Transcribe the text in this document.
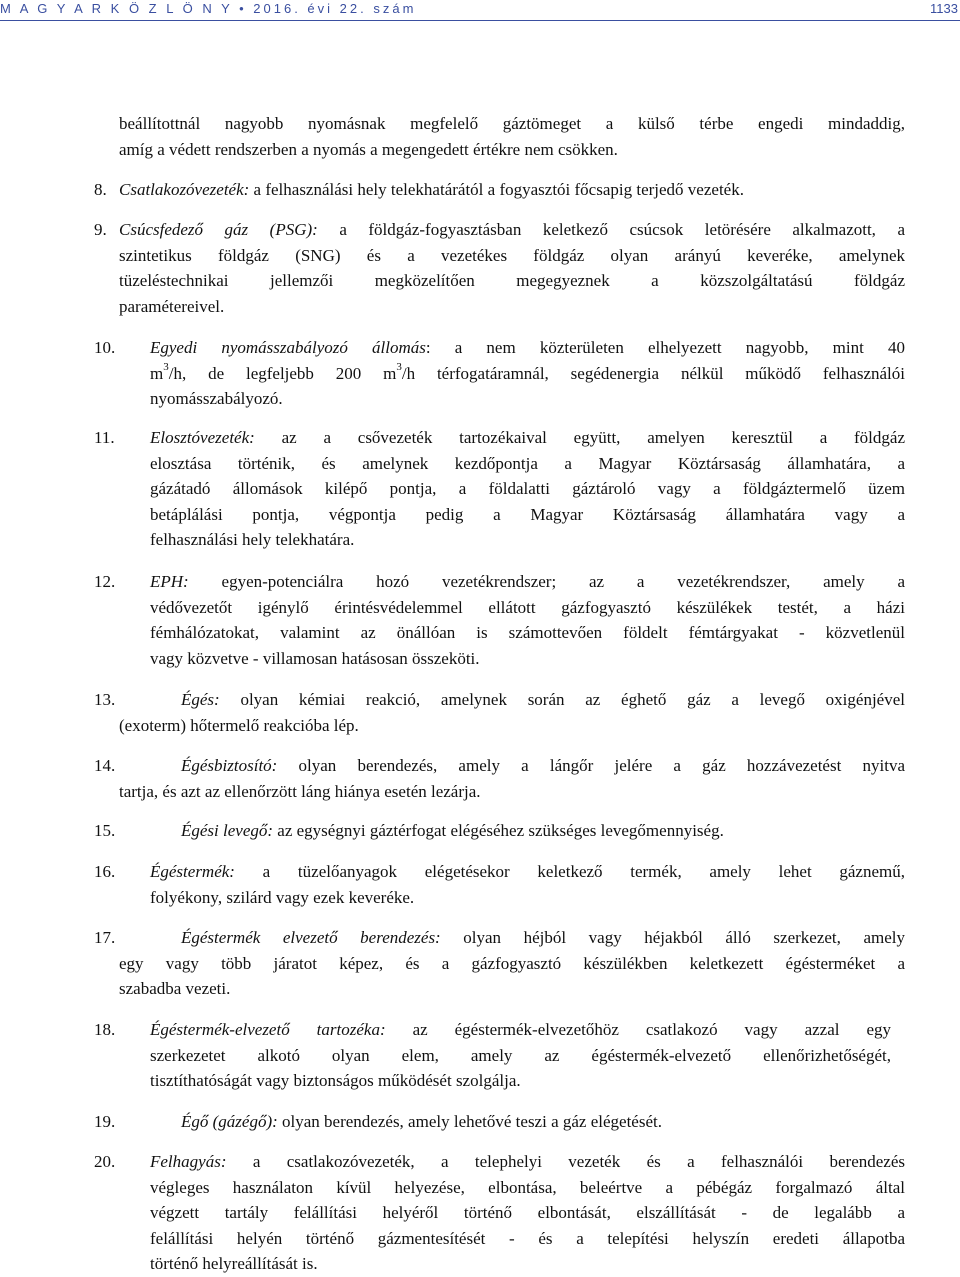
M A G Y A R K Ö Z L Ö N Y • 2016. évi 22. szám	1133
beállítottnál nagyobb nyomásnak megfelelő gáztömeget a külső térbe engedi mindaddig,
amíg a védett rendszerben a nyomás a megengedett értékre nem csökken.
8. Csatlakozóvezeték: a felhasználási hely telekhatárától a fogyasztói főcsapig terjedő vezeték.
9. Csúcsfedező gáz (PSG): a földgáz-fogyasztásban keletkező csúcsok letörésére alkalmazott, a
szintetikus földgáz (SNG) és a vezetékes földgáz olyan arányú keveréke, amelynek
tüzeléstechnikai jellemzői megközelítően megegyeznek a közszolgáltatású földgáz
paramétereivel.
10. Egyedi nyomásszabályozó állomás: a nem közterületen elhelyezett nagyobb, mint 40
$m^3/h$, de legfeljebb 200 $m^3/h$ térfogatáramnál, segédenergia nélkül működő felhasználói
nyomásszabályozó.
11. Elosztóvezeték: az a csővezeték tartozékaival együtt, amelyen keresztül a földgáz
elosztása történik, és amelynek kezdőpontja a Magyar Köztársaság államhatára, a
gázátadó állomások kilépő pontja, a földalatti gáztároló vagy a földgáztermelő üzem
betáplálási pontja, végpontja pedig a Magyar Köztársaság államhatára vagy a
felhasználási hely telekhatára.
12. EPH: egyen-potenciálra hozó vezetékrendszer; az a vezetékrendszer, amely a
védővezetőt igénylő érintésvédelemmel ellátott gázfogyasztó készülékek testét, a házi
fémhálózatokat, valamint az önállóan is számottevően földelt fémtárgyakat - közvetlenül
vagy közvetve - villamosan hatásosan összeköti.
13.	Égés: olyan kémiai reakció, amelynek során az éghető gáz a levegő oxigénjével
(exoterm) hőtermelő reakcióba lép.
14.	Égésbiztosító: olyan berendezés, amely a lángőr jelére a gáz hozzávezetést nyitva
tartja, és azt az ellenőrzött láng hiánya esetén lezárja.
15.	Égési levegő: az egységnyi gáztérfogat elégéséhez szükséges levegőmennyiség.
16. Égéstermék: a tüzelőanyagok elégetésekor keletkező termék, amely lehet gáznemű,
folyékony, szilárd vagy ezek keveréke.
17.	Égéstermék elvezető berendezés: olyan héjból vagy héjakból álló szerkezet, amely
egy vagy több járatot képez, és a gázfogyasztó készülékben keletkezett égésterméket a
szabadba vezeti.
18. Égéstermék-elvezető tartozéka: az égéstermék-elvezetőhöz csatlakozó vagy azzal egy
szerkezetet alkotó olyan elem, amely az égéstermék-elvezető ellenőrizhetőségét,
tisztíthatóságát vagy biztonságos működését szolgálja.
19.	Égő (gázégő): olyan berendezés, amely lehetővé teszi a gáz elégetését.
20. Felhagyás: a csatlakozóvezeték, a telephelyi vezeték és a felhasználói berendezés
végleges használaton kívül helyezése, elbontása, beleértve a pébégáz forgalmazó által
végzett tartály felállítási helyéről történő elbontását, elszállítását - de legalább a
felállítási helyén történő gázmentesítését - és a telepítési helyszín eredeti állapotba
történő helyreállítását is.
